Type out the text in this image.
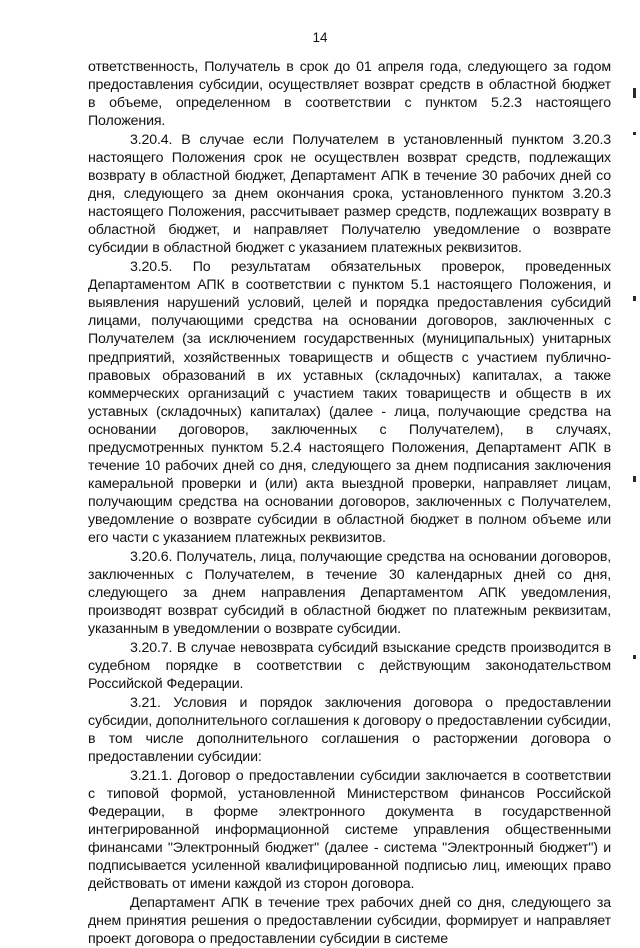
14

ответственность, Получатель в срок до 01 апреля года, следующего за годом предоставления субсидии, осуществляет возврат средств в областной бюджет в объеме, определенном в соответствии с пунктом 5.2.3 настоящего Положения.

3.20.4. В случае если Получателем в установленный пунктом 3.20.3 настоящего Положения срок не осуществлен возврат средств, подлежащих возврату в областной бюджет, Департамент АПК в течение 30 рабочих дней со дня, следующего за днем окончания срока, установленного пунктом 3.20.3 настоящего Положения, рассчитывает размер средств, подлежащих возврату в областной бюджет, и направляет Получателю уведомление о возврате субсидии в областной бюджет с указанием платежных реквизитов.

3.20.5. По результатам обязательных проверок, проведенных Департаментом АПК в соответствии с пунктом 5.1 настоящего Положения, и выявления нарушений условий, целей и порядка предоставления субсидий лицами, получающими средства на основании договоров, заключенных с Получателем (за исключением государственных (муниципальных) унитарных предприятий, хозяйственных товариществ и обществ с участием публично-правовых образований в их уставных (складочных) капиталах, а также коммерческих организаций с участием таких товариществ и обществ в их уставных (складочных) капиталах) (далее - лица, получающие средства на основании договоров, заключенных с Получателем), в случаях, предусмотренных пунктом 5.2.4 настоящего Положения, Департамент АПК в течение 10 рабочих дней со дня, следующего за днем подписания заключения камеральной проверки и (или) акта выездной проверки, направляет лицам, получающим средства на основании договоров, заключенных с Получателем, уведомление о возврате субсидии в областной бюджет в полном объеме или его части с указанием платежных реквизитов.

3.20.6. Получатель, лица, получающие средства на основании договоров, заключенных с Получателем, в течение 30 календарных дней со дня, следующего за днем направления Департаментом АПК уведомления, производят возврат субсидий в областной бюджет по платежным реквизитам, указанным в уведомлении о возврате субсидии.

3.20.7. В случае невозврата субсидий взыскание средств производится в судебном порядке в соответствии с действующим законодательством Российской Федерации.

3.21. Условия и порядок заключения договора о предоставлении субсидии, дополнительного соглашения к договору о предоставлении субсидии, в том числе дополнительного соглашения о расторжении договора о предоставлении субсидии:

3.21.1. Договор о предоставлении субсидии заключается в соответствии с типовой формой, установленной Министерством финансов Российской Федерации, в форме электронного документа в государственной интегрированной информационной системе управления общественными финансами "Электронный бюджет" (далее - система "Электронный бюджет") и подписывается усиленной квалифицированной подписью лиц, имеющих право действовать от имени каждой из сторон договора.

Департамент АПК в течение трех рабочих дней со дня, следующего за днем принятия решения о предоставлении субсидии, формирует и направляет проект договора о предоставлении субсидии в системе
